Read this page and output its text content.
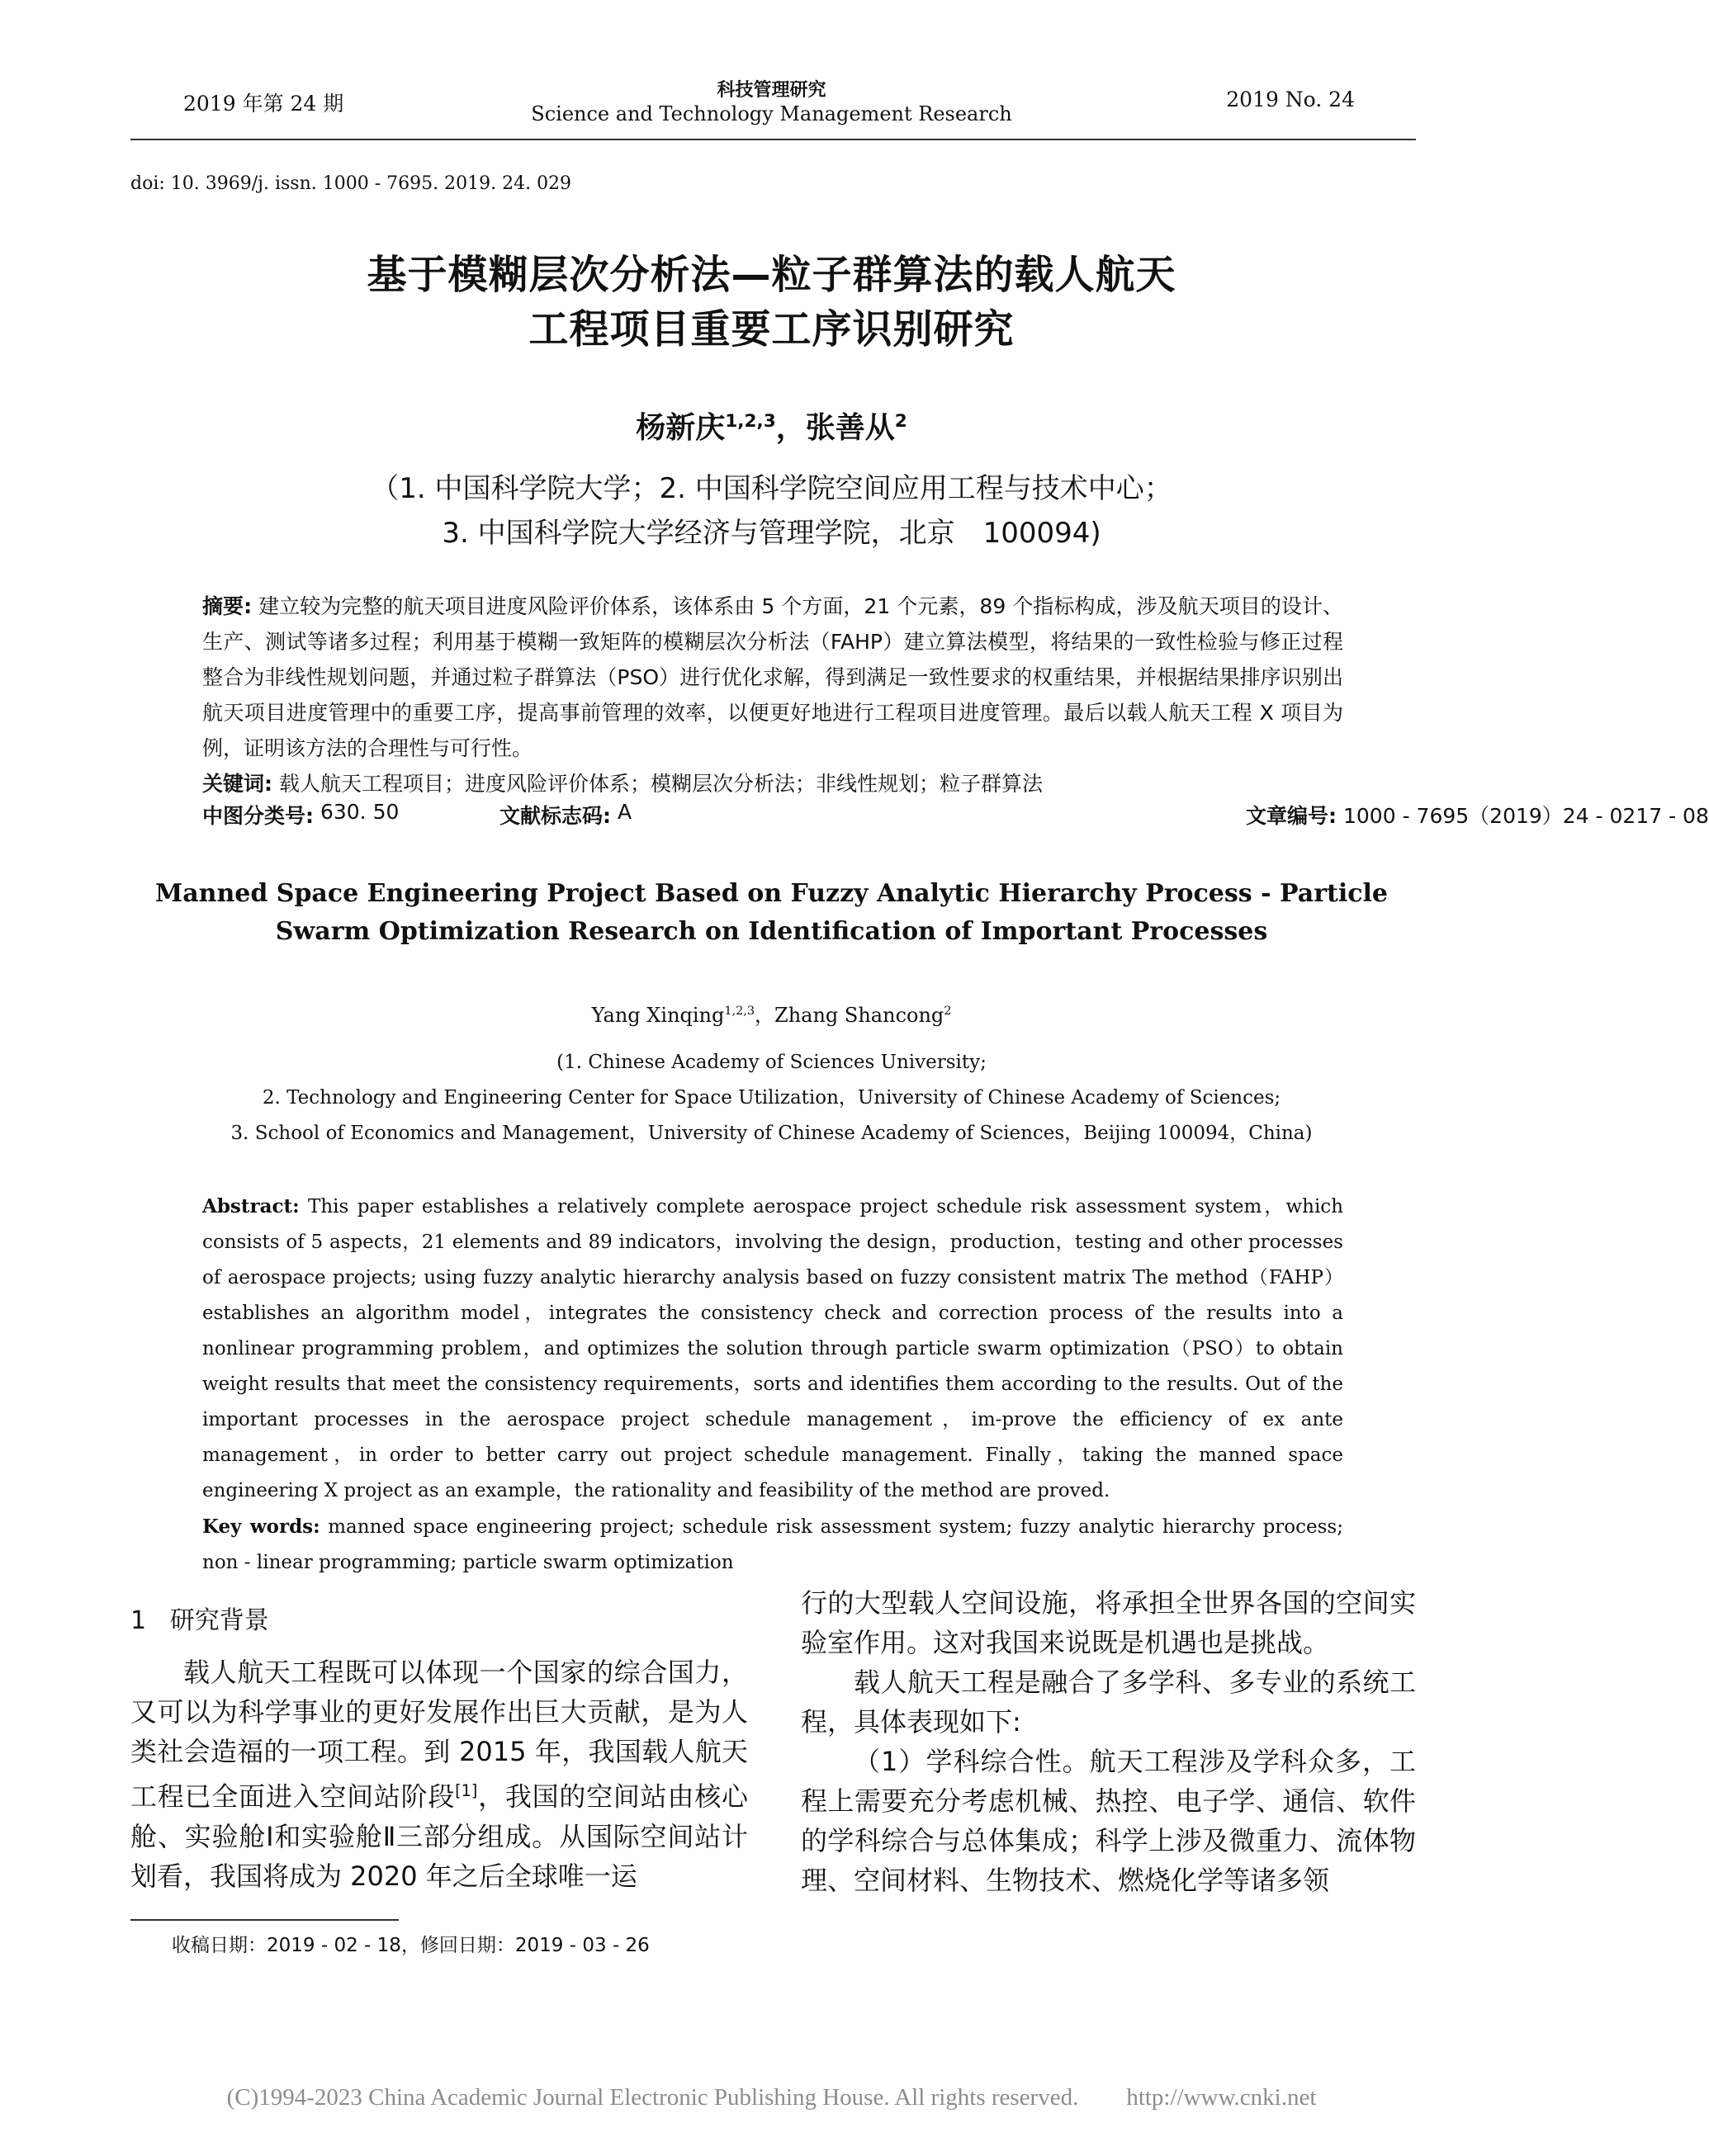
2019 年第 24 期
科技管理研究
Science and Technology Management Research
2019 No. 24
doi: 10. 3969/j. issn. 1000 - 7695. 2019. 24. 029
基于模糊层次分析法—粒子群算法的载人航天
工程项目重要工序识别研究
杨新庆$^{1,2,3}$，张善从$^2$
（1. 中国科学院大学；2. 中国科学院空间应用工程与技术中心；
3. 中国科学院大学经济与管理学院，北京　100094)
摘要: 建立较为完整的航天项目进度风险评价体系，该体系由 5 个方面，21 个元素，89 个指标构成，涉及航天项目的设计、生产、测试等诸多过程；利用基于模糊一致矩阵的模糊层次分析法（FAHP）建立算法模型，将结果的一致性检验与修正过程整合为非线性规划问题，并通过粒子群算法（PSO）进行优化求解，得到满足一致性要求的权重结果，并根据结果排序识别出航天项目进度管理中的重要工序，提高事前管理的效率，以便更好地进行工程项目进度管理。最后以载人航天工程 X 项目为例，证明该方法的合理性与可行性。
关键词: 载人航天工程项目；进度风险评价体系；模糊层次分析法；非线性规划；粒子群算法
中图分类号: 630. 50	文献标志码: A	文章编号: 1000 - 7695（2019）24 - 0217 - 08
Manned Space Engineering Project Based on Fuzzy Analytic Hierarchy Process - Particle
Swarm Optimization Research on Identification of Important Processes
Yang Xinqing$^{1,2,3}$，Zhang Shancong$^2$
(1. Chinese Academy of Sciences University;
2. Technology and Engineering Center for Space Utilization，University of Chinese Academy of Sciences;
3. School of Economics and Management，University of Chinese Academy of Sciences，Beijing 100094，China)
Abstract: This paper establishes a relatively complete aerospace project schedule risk assessment system，which consists of 5 aspects，21 elements and 89 indicators，involving the design，production，testing and other processes of aerospace projects; using fuzzy analytic hierarchy analysis based on fuzzy consistent matrix The method（FAHP）establishes an algorithm model，integrates the consistency check and correction process of the results into a nonlinear programming problem，and optimizes the solution through particle swarm optimization（PSO）to obtain weight results that meet the consistency requirements，sorts and identifies them according to the results. Out of the important processes in the aerospace project schedule management，im-prove the efficiency of ex ante management，in order to better carry out project schedule management. Finally，taking the manned space engineering X project as an example，the rationality and feasibility of the method are proved.
Key words: manned space engineering project; schedule risk assessment system; fuzzy analytic hierarchy process; non - linear programming; particle swarm optimization
1 研究背景

载人航天工程既可以体现一个国家的综合国力，又可以为科学事业的更好发展作出巨大贡献，是为人类社会造福的一项工程。到 2015 年，我国载人航天工程已全面进入空间站阶段[1]，我国的空间站由核心舱、实验舱Ⅰ和实验舱Ⅱ三部分组成。从国际空间站计划看，我国将成为 2020 年之后全球唯一运

行的大型载人空间设施，将承担全世界各国的空间实验室作用。这对我国来说既是机遇也是挑战。

载人航天工程是融合了多学科、多专业的系统工程，具体表现如下:

（1）学科综合性。航天工程涉及学科众多，工程上需要充分考虑机械、热控、电子学、通信、软件的学科综合与总体集成；科学上涉及微重力、流体物理、空间材料、生物技术、燃烧化学等诸多领

收稿日期：2019 - 02 - 18，修回日期：2019 - 03 - 26
(C)1994-2023 China Academic Journal Electronic Publishing House. All rights reserved.　　http://www.cnki.net
